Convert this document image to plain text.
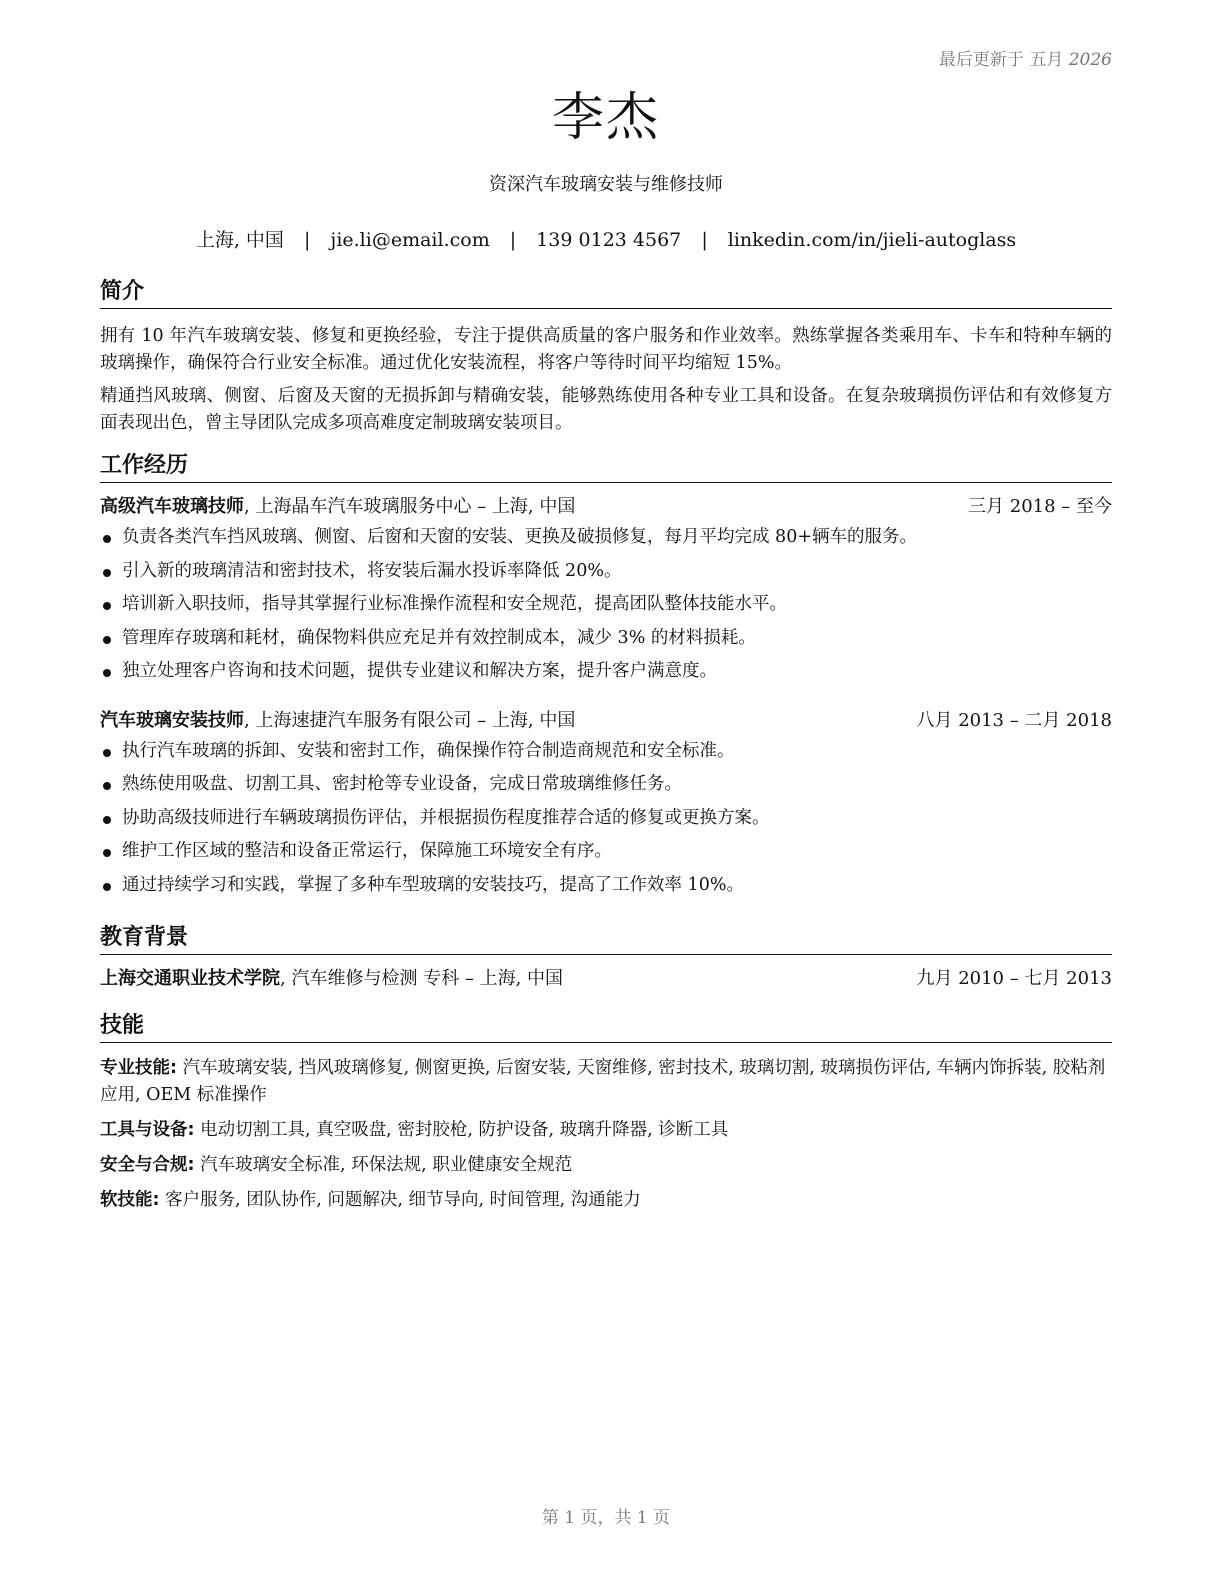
最后更新于 五月 2026
李杰
资深汽车玻璃安装与维修技师
上海, 中国 | jie.li@email.com | 139 0123 4567 | linkedin.com/in/jieli-autoglass
简介

拥有 10 年汽车玻璃安装、修复和更换经验，专注于提供高质量的客户服务和作业效率。熟练掌握各类乘用车、卡车和特种车辆的玻璃操作，确保符合行业安全标准。通过优化安装流程，将客户等待时间平均缩短 15%。

精通挡风玻璃、侧窗、后窗及天窗的无损拆卸与精确安装，能够熟练使用各种专业工具和设备。在复杂玻璃损伤评估和有效修复方面表现出色，曾主导团队完成多项高难度定制玻璃安装项目。

工作经历
高级汽车玻璃技师, 上海晶车汽车玻璃服务中心 – 上海, 中国	三月 2018 – 至今
负责各类汽车挡风玻璃、侧窗、后窗和天窗的安装、更换及破损修复，每月平均完成 80+辆车的服务。
引入新的玻璃清洁和密封技术，将安装后漏水投诉率降低 20%。
培训新入职技师，指导其掌握行业标准操作流程和安全规范，提高团队整体技能水平。
管理库存玻璃和耗材，确保物料供应充足并有效控制成本，减少 3% 的材料损耗。
独立处理客户咨询和技术问题，提供专业建议和解决方案，提升客户满意度。
汽车玻璃安装技师, 上海速捷汽车服务有限公司 – 上海, 中国	八月 2013 – 二月 2018
执行汽车玻璃的拆卸、安装和密封工作，确保操作符合制造商规范和安全标准。
熟练使用吸盘、切割工具、密封枪等专业设备，完成日常玻璃维修任务。
协助高级技师进行车辆玻璃损伤评估，并根据损伤程度推荐合适的修复或更换方案。
维护工作区域的整洁和设备正常运行，保障施工环境安全有序。
通过持续学习和实践，掌握了多种车型玻璃的安装技巧，提高了工作效率 10%。
教育背景
上海交通职业技术学院, 汽车维修与检测 专科 – 上海, 中国	九月 2010 – 七月 2013
技能

专业技能: 汽车玻璃安装, 挡风玻璃修复, 侧窗更换, 后窗安装, 天窗维修, 密封技术, 玻璃切割, 玻璃损伤评估, 车辆内饰拆装, 胶粘剂应用, OEM 标准操作

工具与设备: 电动切割工具, 真空吸盘, 密封胶枪, 防护设备, 玻璃升降器, 诊断工具

安全与合规: 汽车玻璃安全标准, 环保法规, 职业健康安全规范

软技能: 客户服务, 团队协作, 问题解决, 细节导向, 时间管理, 沟通能力

第 1 页，共 1 页
